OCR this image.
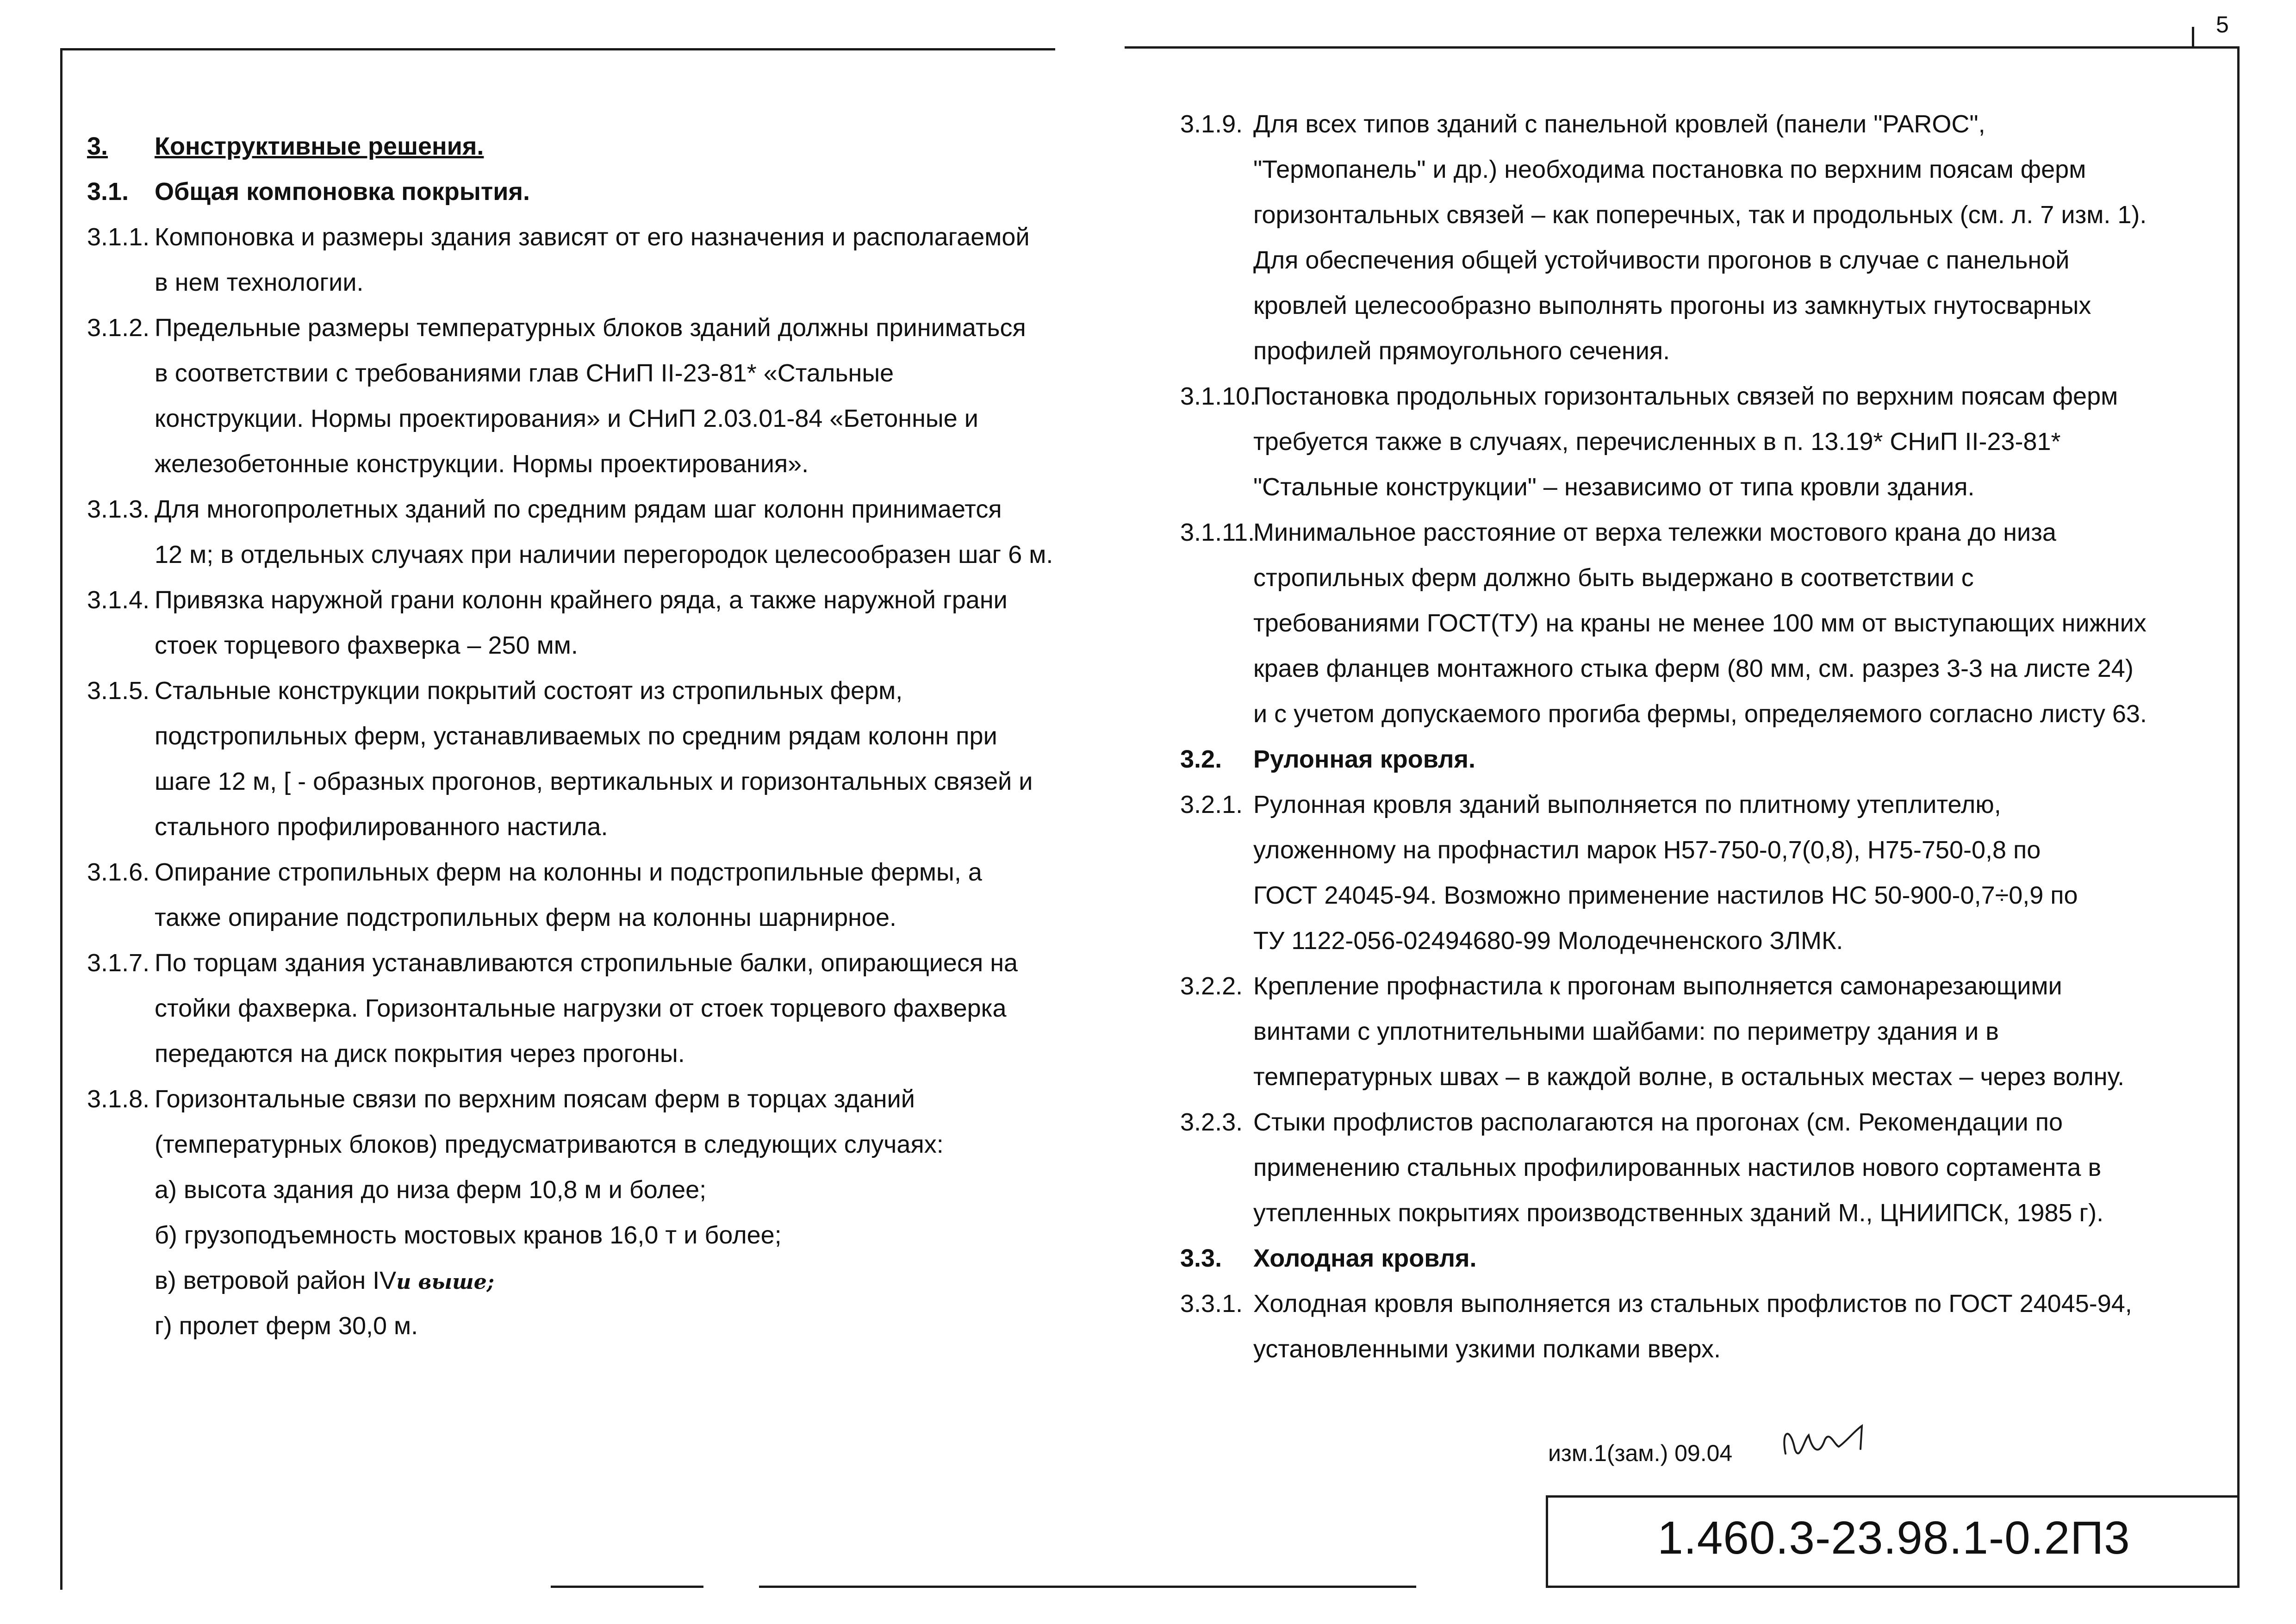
5
3.	Конструктивные решения.
3.1.	Общая компоновка покрытия.
3.1.1. Компоновка и размеры здания зависят от его назначения и располагаемой
в нем технологии.
3.1.2. Предельные размеры температурных блоков зданий должны приниматься
в соответствии с требованиями глав СНиП II-23-81* «Стальные
конструкции. Нормы проектирования» и СНиП 2.03.01-84 «Бетонные и
железобетонные конструкции. Нормы проектирования».
3.1.3. Для многопролетных зданий по средним рядам шаг колонн принимается
12 м; в отдельных случаях при наличии перегородок целесообразен шаг 6 м.
3.1.4. Привязка наружной грани колонн крайнего ряда, а также наружной грани
стоек торцевого фахверка – 250 мм.
3.1.5. Стальные конструкции покрытий состоят из стропильных ферм,
подстропильных ферм, устанавливаемых по средним рядам колонн при
шаге 12 м, [ - образных прогонов, вертикальных и горизонтальных связей и
стального профилированного настила.
3.1.6. Опирание стропильных ферм на колонны и подстропильные фермы, а
также опирание подстропильных ферм на колонны шарнирное.
3.1.7. По торцам здания устанавливаются стропильные балки, опирающиеся на
стойки фахверка. Горизонтальные нагрузки от стоек торцевого фахверка
передаются на диск покрытия через прогоны.
3.1.8. Горизонтальные связи по верхним поясам ферм в торцах зданий
(температурных блоков) предусматриваются в следующих случаях:
а) высота здания до низа ферм 10,8 м и более;
б) грузоподъемность мостовых кранов 16,0 т и более;
в) ветровой район IVи выше;
г) пролет ферм 30,0 м.
3.1.9. Для всех типов зданий с панельной кровлей (панели "PAROC",
"Термопанель" и др.) необходима постановка по верхним поясам ферм
горизонтальных связей – как поперечных, так и продольных (см. л. 7 изм. 1).
Для обеспечения общей устойчивости прогонов в случае с панельной
кровлей целесообразно выполнять прогоны из замкнутых гнутосварных
профилей прямоугольного сечения.
3.1.10.
Постановка продольных горизонтальных связей по верхним поясам ферм
требуется также в случаях, перечисленных в п. 13.19* СНиП II-23-81*
"Стальные конструкции" – независимо от типа кровли здания.
3.1.11.
Минимальное расстояние от верха тележки мостового крана до низа
стропильных ферм должно быть выдержано в соответствии с
требованиями ГОСТ(ТУ) на краны не менее 100 мм от выступающих нижних
краев фланцев монтажного стыка ферм (80 мм, см. разрез 3-3 на листе 24)
и с учетом допускаемого прогиба фермы, определяемого согласно листу 63.
3.2.	Рулонная кровля.
3.2.1. Рулонная кровля зданий выполняется по плитному утеплителю,
уложенному на профнастил марок Н57-750-0,7(0,8), Н75-750-0,8 по
ГОСТ 24045-94. Возможно применение настилов НС 50-900-0,7÷0,9 по
ТУ 1122-056-02494680-99 Молодечненского ЗЛМК.
3.2.2. Крепление профнастила к прогонам выполняется самонарезающими
винтами с уплотнительными шайбами: по периметру здания и в
температурных швах – в каждой волне, в остальных местах – через волну.
3.2.3. Стыки профлистов располагаются на прогонах (см. Рекомендации по
применению стальных профилированных настилов нового сортамента в
утепленных покрытиях производственных зданий М., ЦНИИПСК, 1985 г).
3.3.	Холодная кровля.
3.3.1. Холодная кровля выполняется из стальных профлистов по ГОСТ 24045-94,
установленными узкими полками вверх.
изм.1(зам.) 09.04
1.460.3-23.98.1-0.2П3
